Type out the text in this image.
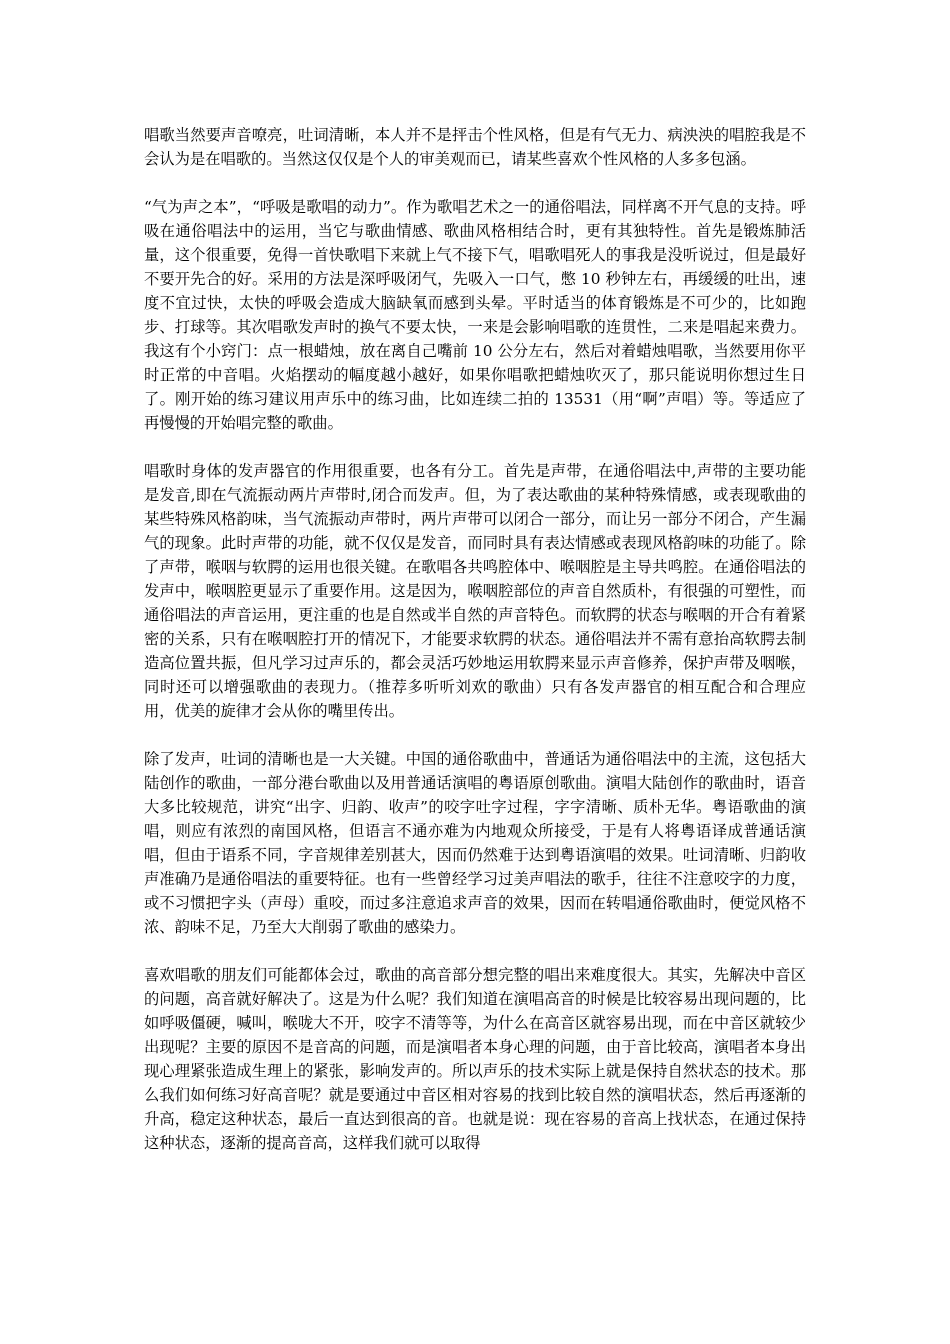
唱歌当然要声音嘹亮，吐词清晰，本人并不是抨击个性风格，但是有气无力、病泱泱的唱腔我是不会认为是在唱歌的。当然这仅仅是个人的审美观而已，请某些喜欢个性风格的人多多包涵。

“气为声之本”，“呼吸是歌唱的动力”。作为歌唱艺术之一的通俗唱法，同样离不开气息的支持。呼吸在通俗唱法中的运用，当它与歌曲情感、歌曲风格相结合时，更有其独特性。首先是锻炼肺活量，这个很重要，免得一首快歌唱下来就上气不接下气，唱歌唱死人的事我是没听说过，但是最好不要开先合的好。采用的方法是深呼吸闭气，先吸入一口气，憋 10 秒钟左右，再缓缓的吐出，速度不宜过快，太快的呼吸会造成大脑缺氧而感到头晕。平时适当的体育锻炼是不可少的，比如跑步、打球等。其次唱歌发声时的换气不要太快，一来是会影响唱歌的连贯性，二来是唱起来费力。我这有个小窍门：点一根蜡烛，放在离自己嘴前 10 公分左右，然后对着蜡烛唱歌，当然要用你平时正常的中音唱。火焰摆动的幅度越小越好，如果你唱歌把蜡烛吹灭了，那只能说明你想过生日了。刚开始的练习建议用声乐中的练习曲，比如连续二拍的 13531（用“啊”声唱）等。等适应了再慢慢的开始唱完整的歌曲。

唱歌时身体的发声器官的作用很重要，也各有分工。首先是声带，在通俗唱法中,声带的主要功能是发音,即在气流振动两片声带时,闭合而发声。但，为了表达歌曲的某种特殊情感，或表现歌曲的某些特殊风格韵味，当气流振动声带时，两片声带可以闭合一部分，而让另一部分不闭合，产生漏气的现象。此时声带的功能，就不仅仅是发音，而同时具有表达情感或表现风格韵味的功能了。除了声带，喉咽与软腭的运用也很关键。在歌唱各共鸣腔体中、喉咽腔是主导共鸣腔。在通俗唱法的发声中，喉咽腔更显示了重要作用。这是因为，喉咽腔部位的声音自然质朴，有很强的可塑性，而通俗唱法的声音运用，更注重的也是自然或半自然的声音特色。而软腭的状态与喉咽的开合有着紧密的关系，只有在喉咽腔打开的情况下，才能要求软腭的状态。通俗唱法并不需有意抬高软腭去制造高位置共振，但凡学习过声乐的，都会灵活巧妙地运用软腭来显示声音修养，保护声带及咽喉，同时还可以增强歌曲的表现力。（推荐多听听刘欢的歌曲）只有各发声器官的相互配合和合理应用，优美的旋律才会从你的嘴里传出。

除了发声，吐词的清晰也是一大关键。中国的通俗歌曲中，普通话为通俗唱法中的主流，这包括大陆创作的歌曲，一部分港台歌曲以及用普通话演唱的粤语原创歌曲。演唱大陆创作的歌曲时，语音大多比较规范，讲究“出字、归韵、收声”的咬字吐字过程，字字清晰、质朴无华。粤语歌曲的演唱，则应有浓烈的南国风格，但语言不通亦难为内地观众所接受，于是有人将粤语译成普通话演唱，但由于语系不同，字音规律差别甚大，因而仍然难于达到粤语演唱的效果。吐词清晰、归韵收声准确乃是通俗唱法的重要特征。也有一些曾经学习过美声唱法的歌手，往往不注意咬字的力度，或不习惯把字头（声母）重咬，而过多注意追求声音的效果，因而在转唱通俗歌曲时，便觉风格不浓、韵味不足，乃至大大削弱了歌曲的感染力。

喜欢唱歌的朋友们可能都体会过，歌曲的高音部分想完整的唱出来难度很大。其实，先解决中音区的问题，高音就好解决了。这是为什么呢？我们知道在演唱高音的时候是比较容易出现问题的，比如呼吸僵硬，喊叫，喉咙大不开，咬字不清等等，为什么在高音区就容易出现，而在中音区就较少出现呢？主要的原因不是音高的问题，而是演唱者本身心理的问题，由于音比较高，演唱者本身出现心理紧张造成生理上的紧张，影响发声的。所以声乐的技术实际上就是保持自然状态的技术。那么我们如何练习好高音呢？就是要通过中音区相对容易的找到比较自然的演唱状态，然后再逐渐的升高，稳定这种状态，最后一直达到很高的音。也就是说：现在容易的音高上找状态，在通过保持这种状态，逐渐的提高音高，这样我们就可以取得
